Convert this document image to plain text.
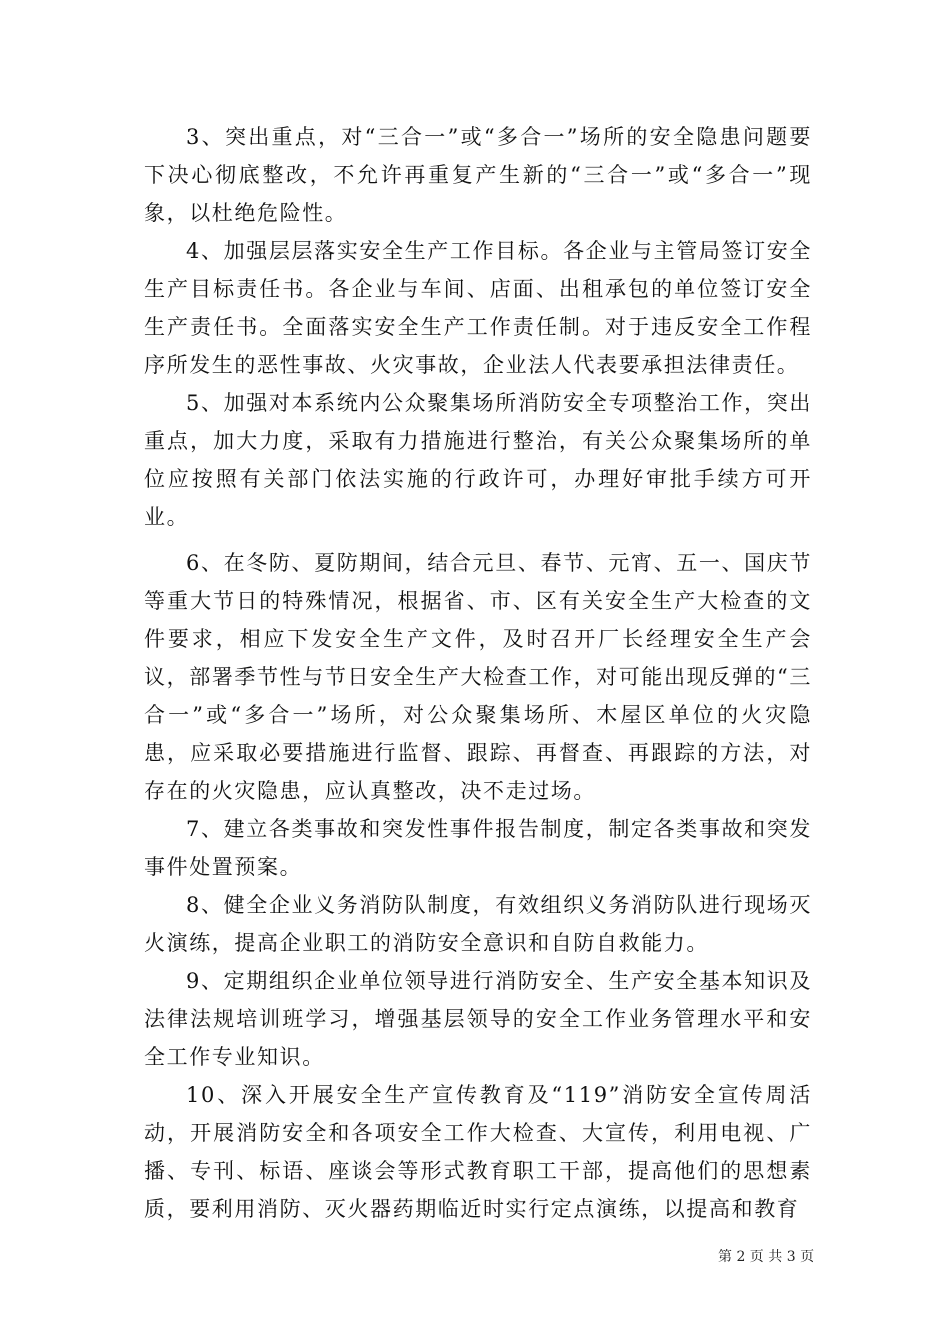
3、突出重点，对“三合一”或“多合一”场所的安全隐患问题要下决心彻底整改，不允许再重复产生新的“三合一”或“多合一”现象，以杜绝危险性。

4、加强层层落实安全生产工作目标。各企业与主管局签订安全生产目标责任书。各企业与车间、店面、出租承包的单位签订安全生产责任书。全面落实安全生产工作责任制。对于违反安全工作程序所发生的恶性事故、火灾事故，企业法人代表要承担法律责任。

5、加强对本系统内公众聚集场所消防安全专项整治工作，突出重点，加大力度，采取有力措施进行整治，有关公众聚集场所的单位应按照有关部门依法实施的行政许可，办理好审批手续方可开业。

6、在冬防、夏防期间，结合元旦、春节、元宵、五一、国庆节等重大节日的特殊情况，根据省、市、区有关安全生产大检查的文件要求，相应下发安全生产文件，及时召开厂长经理安全生产会议，部署季节性与节日安全生产大检查工作，对可能出现反弹的“三合一”或“多合一”场所，对公众聚集场所、木屋区单位的火灾隐患，应采取必要措施进行监督、跟踪、再督查、再跟踪的方法，对存在的火灾隐患，应认真整改，决不走过场。

7、建立各类事故和突发性事件报告制度，制定各类事故和突发事件处置预案。

8、健全企业义务消防队制度，有效组织义务消防队进行现场灭火演练，提高企业职工的消防安全意识和自防自救能力。

9、定期组织企业单位领导进行消防安全、生产安全基本知识及法律法规培训班学习，增强基层领导的安全工作业务管理水平和安全工作专业知识。

10、深入开展安全生产宣传教育及“119”消防安全宣传周活动，开展消防安全和各项安全工作大检查、大宣传，利用电视、广播、专刊、标语、座谈会等形式教育职工干部，提高他们的思想素质，要利用消防、灭火器药期临近时实行定点演练，以提高和教育

第 2 页 共 3 页
